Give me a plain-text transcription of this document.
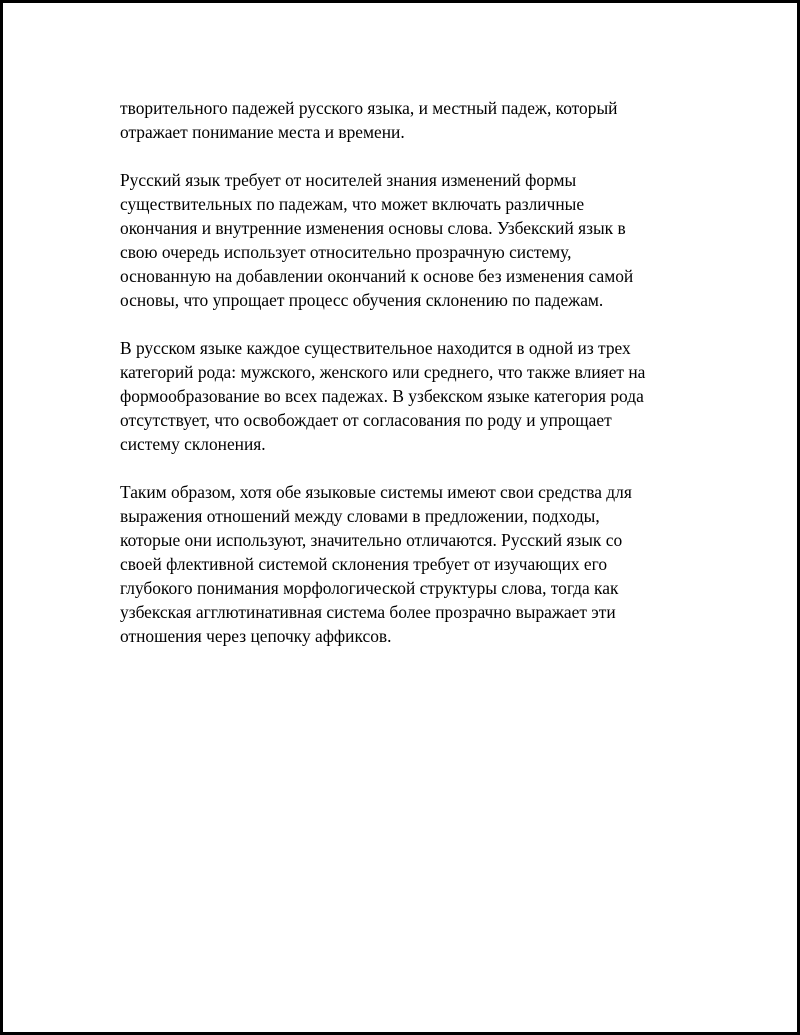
творительного падежей русского языка, и местный падеж, который
отражает понимание места и времени.

Русский язык требует от носителей знания изменений формы
существительных по падежам, что может включать различные
окончания и внутренние изменения основы слова. Узбекский язык в
свою очередь использует относительно прозрачную систему,
основанную на добавлении окончаний к основе без изменения самой
основы, что упрощает процесс обучения склонению по падежам.

В русском языке каждое существительное находится в одной из трех
категорий рода: мужского, женского или среднего, что также влияет на
формообразование во всех падежах. В узбекском языке категория рода
отсутствует, что освобождает от согласования по роду и упрощает
систему склонения.

Таким образом, хотя обе языковые системы имеют свои средства для
выражения отношений между словами в предложении, подходы,
которые они используют, значительно отличаются. Русский язык со
своей флективной системой склонения требует от изучающих его
глубокого понимания морфологической структуры слова, тогда как
узбекская агглютинативная система более прозрачно выражает эти
отношения через цепочку аффиксов.
